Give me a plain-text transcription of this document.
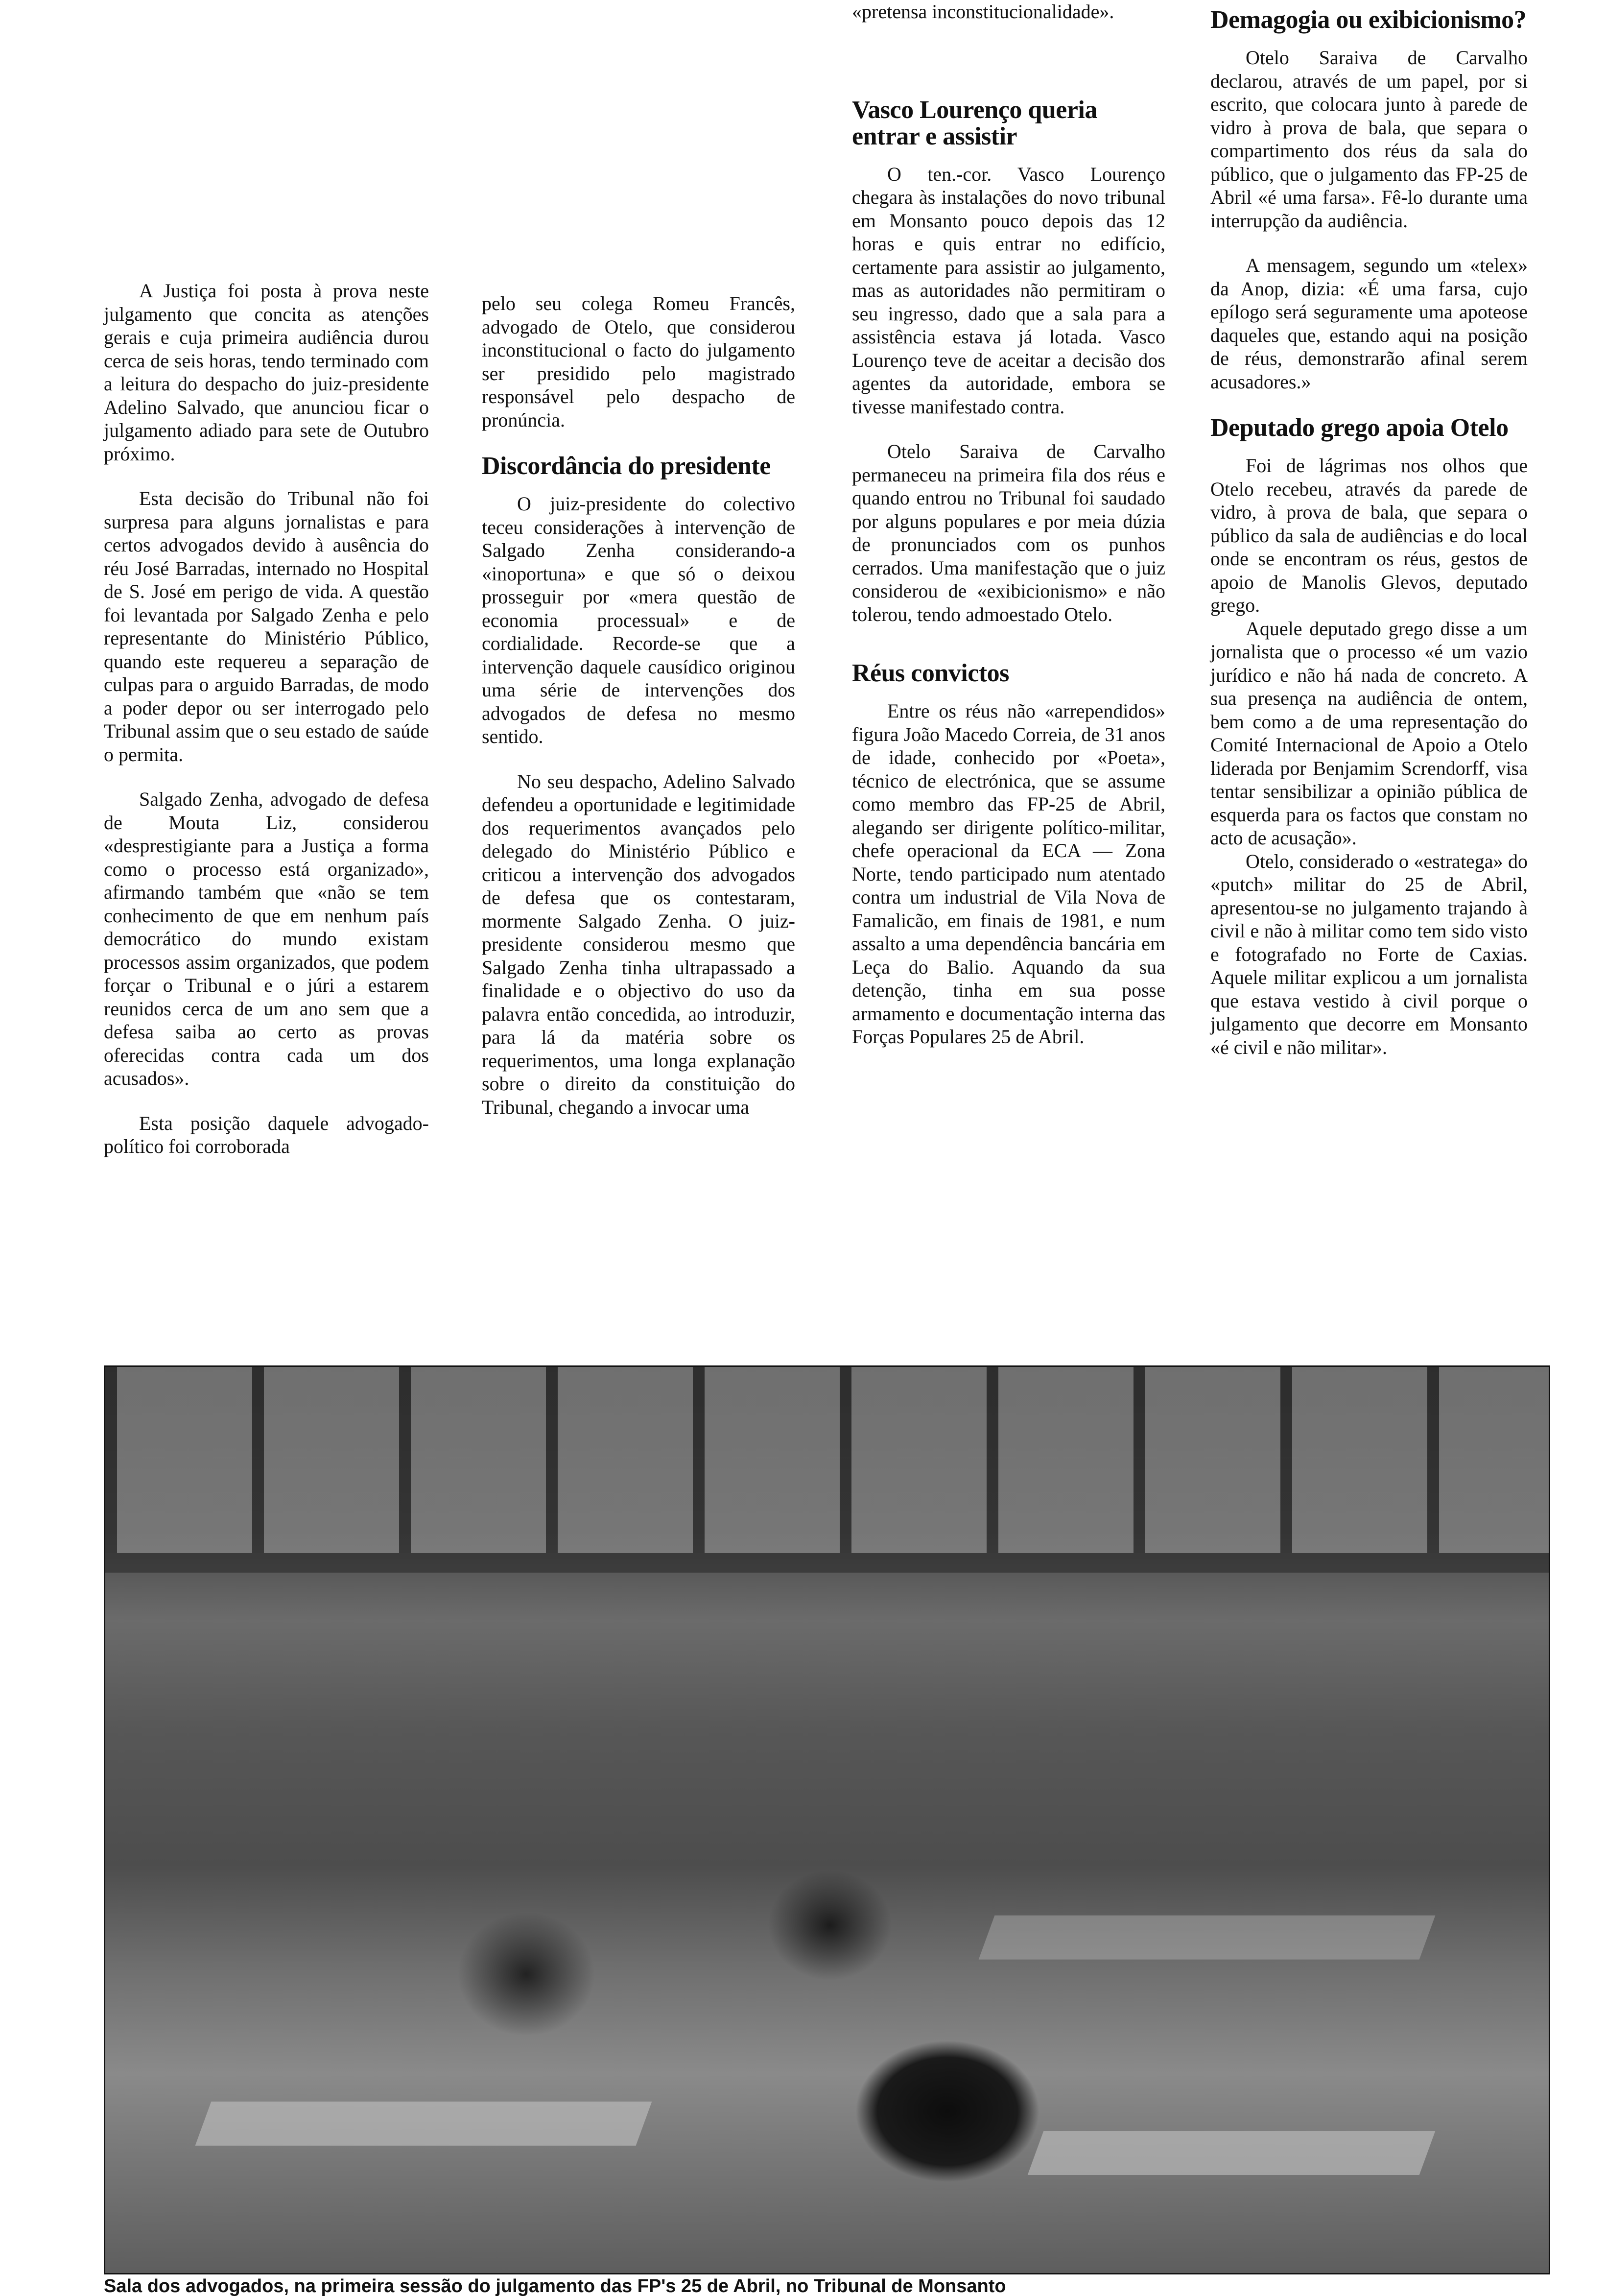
A Justiça foi posta à prova neste julgamento que concita as atenções gerais e cuja primeira audiência durou cerca de seis horas, tendo terminado com a leitura do despacho do juiz-presidente Adelino Salvado, que anunciou ficar o julgamento adiado para sete de Outubro próximo.

Esta decisão do Tribunal não foi surpresa para alguns jornalistas e para certos advogados devido à ausência do réu José Barradas, internado no Hospital de S. José em perigo de vida. A questão foi levantada por Salgado Zenha e pelo representante do Ministério Público, quando este requereu a separação de culpas para o arguido Barradas, de modo a poder depor ou ser interrogado pelo Tribunal assim que o seu estado de saúde o permita.

Salgado Zenha, advogado de defesa de Mouta Liz, considerou «desprestigiante para a Justiça a forma como o processo está organizado», afirmando também que «não se tem conhecimento de que em nenhum país democrático do mundo existam processos assim organizados, que podem forçar o Tribunal e o júri a estarem reunidos cerca de um ano sem que a defesa saiba ao certo as provas oferecidas contra cada um dos acusados».

Esta posição daquele advogado-político foi corroborada

pelo seu colega Romeu Francês, advogado de Otelo, que considerou inconstitucional o facto do julgamento ser presidido pelo magistrado responsável pelo despacho de pronúncia.

Discordância do presidente

O juiz-presidente do colectivo teceu considerações à intervenção de Salgado Zenha considerando-a «inoportuna» e que só o deixou prosseguir por «mera questão de economia processual» e de cordialidade. Recorde-se que a intervenção daquele causídico originou uma série de intervenções dos advogados de defesa no mesmo sentido.

No seu despacho, Adelino Salvado defendeu a oportunidade e legitimidade dos requerimentos avançados pelo delegado do Ministério Público e criticou a intervenção dos advogados de defesa que os contestaram, mormente Salgado Zenha. O juiz-presidente considerou mesmo que Salgado Zenha tinha ultrapassado a finalidade e o objectivo do uso da palavra então concedida, ao introduzir, para lá da matéria sobre os requerimentos, uma longa explanação sobre o direito da constituição do Tribunal, chegando a invocar uma

«pretensa inconstitucionalidade».

Vasco Lourenço queria entrar e assistir

O ten.-cor. Vasco Lourenço chegara às instalações do novo tribunal em Monsanto pouco depois das 12 horas e quis entrar no edifício, certamente para assistir ao julgamento, mas as autoridades não permitiram o seu ingresso, dado que a sala para a assistência estava já lotada. Vasco Lourenço teve de aceitar a decisão dos agentes da autoridade, embora se tivesse manifestado contra.

Otelo Saraiva de Carvalho permaneceu na primeira fila dos réus e quando entrou no Tribunal foi saudado por alguns populares e por meia dúzia de pronunciados com os punhos cerrados. Uma manifestação que o juiz considerou de «exibicionismo» e não tolerou, tendo admoestado Otelo.

Réus convictos

Entre os réus não «arrependidos» figura João Macedo Correia, de 31 anos de idade, conhecido por «Poeta», técnico de electrónica, que se assume como membro das FP-25 de Abril, alegando ser dirigente político-militar, chefe operacional da ECA — Zona Norte, tendo participado num atentado contra um industrial de Vila Nova de Famalicão, em finais de 1981, e num assalto a uma dependência bancária em Leça do Balio. Aquando da sua detenção, tinha em sua posse armamento e documentação interna das Forças Populares 25 de Abril.

Demagogia ou exibicionismo?

Otelo Saraiva de Carvalho declarou, através de um papel, por si escrito, que colocara junto à parede de vidro à prova de bala, que separa o compartimento dos réus da sala do público, que o julgamento das FP-25 de Abril «é uma farsa». Fê-lo durante uma interrupção da audiência.

A mensagem, segundo um «telex» da Anop, dizia: «É uma farsa, cujo epílogo será seguramente uma apoteose daqueles que, estando aqui na posição de réus, demonstrarão afinal serem acusadores.»

Deputado grego apoia Otelo

Foi de lágrimas nos olhos que Otelo recebeu, através da parede de vidro, à prova de bala, que separa o público da sala de audiências e do local onde se encontram os réus, gestos de apoio de Manolis Glevos, deputado grego.

Aquele deputado grego disse a um jornalista que o processo «é um vazio jurídico e não há nada de concreto. A sua presença na audiência de ontem, bem como a de uma representação do Comité Internacional de Apoio a Otelo liderada por Benjamim Screndorff, visa tentar sensibilizar a opinião pública de esquerda para os factos que constam no acto de acusação».

Otelo, considerado o «estratega» do «putch» militar do 25 de Abril, apresentou-se no julgamento trajando à civil e não à militar como tem sido visto e fotografado no Forte de Caxias. Aquele militar explicou a um jornalista que estava vestido à civil porque o julgamento que decorre em Monsanto «é civil e não militar».

Sala dos advogados, na primeira sessão do julgamento das FP's 25 de Abril, no Tribunal de Monsanto
